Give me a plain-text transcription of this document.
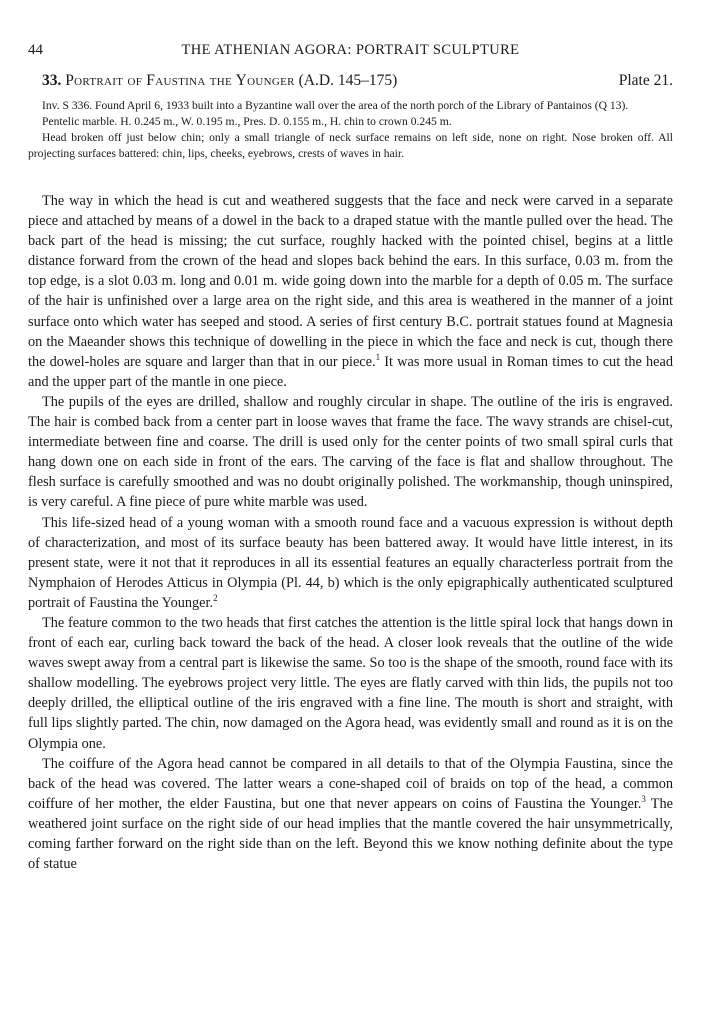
44	THE ATHENIAN AGORA: PORTRAIT SCULPTURE
33. Portrait of Faustina the Younger (A.D. 145–175)	Plate 21.

Inv. S 336. Found April 6, 1933 built into a Byzantine wall over the area of the north porch of the Library of Pantainos (Q 13).

Pentelic marble. H. 0.245 m., W. 0.195 m., Pres. D. 0.155 m., H. chin to crown 0.245 m.

Head broken off just below chin; only a small triangle of neck surface remains on left side, none on right. Nose broken off. All projecting surfaces battered: chin, lips, cheeks, eyebrows, crests of waves in hair.

The way in which the head is cut and weathered suggests that the face and neck were carved in a separate piece and attached by means of a dowel in the back to a draped statue with the mantle pulled over the head. The back part of the head is missing; the cut surface, roughly hacked with the pointed chisel, begins at a little distance forward from the crown of the head and slopes back behind the ears. In this surface, 0.03 m. from the top edge, is a slot 0.03 m. long and 0.01 m. wide going down into the marble for a depth of 0.05 m. The surface of the hair is unfinished over a large area on the right side, and this area is weathered in the manner of a joint surface onto which water has seeped and stood. A series of first century B.C. portrait statues found at Magnesia on the Maeander shows this technique of dowelling in the piece in which the face and neck is cut, though there the dowel-holes are square and larger than that in our piece.$^1$ It was more usual in Roman times to cut the head and the upper part of the mantle in one piece.

The pupils of the eyes are drilled, shallow and roughly circular in shape. The outline of the iris is engraved. The hair is combed back from a center part in loose waves that frame the face. The wavy strands are chisel-cut, intermediate between fine and coarse. The drill is used only for the center points of two small spiral curls that hang down one on each side in front of the ears. The carving of the face is flat and shallow throughout. The flesh surface is carefully smoothed and was no doubt originally polished. The workmanship, though uninspired, is very careful. A fine piece of pure white marble was used.

This life-sized head of a young woman with a smooth round face and a vacuous expression is without depth of characterization, and most of its surface beauty has been battered away. It would have little interest, in its present state, were it not that it reproduces in all its essential features an equally characterless portrait from the Nymphaion of Herodes Atticus in Olympia (Pl. 44, b) which is the only epigraphically authenticated sculptured portrait of Faustina the Younger.$^2$

The feature common to the two heads that first catches the attention is the little spiral lock that hangs down in front of each ear, curling back toward the back of the head. A closer look reveals that the outline of the wide waves swept away from a central part is likewise the same. So too is the shape of the smooth, round face with its shallow modelling. The eyebrows project very little. The eyes are flatly carved with thin lids, the pupils not too deeply drilled, the elliptical outline of the iris engraved with a fine line. The mouth is short and straight, with full lips slightly parted. The chin, now damaged on the Agora head, was evidently small and round as it is on the Olympia one.

The coiffure of the Agora head cannot be compared in all details to that of the Olympia Faustina, since the back of the head was covered. The latter wears a cone-shaped coil of braids on top of the head, a common coiffure of her mother, the elder Faustina, but one that never appears on coins of Faustina the Younger.$^3$ The weathered joint surface on the right side of our head implies that the mantle covered the hair unsymmetrically, coming farther forward on the right side than on the left. Beyond this we know nothing definite about the type of statue
